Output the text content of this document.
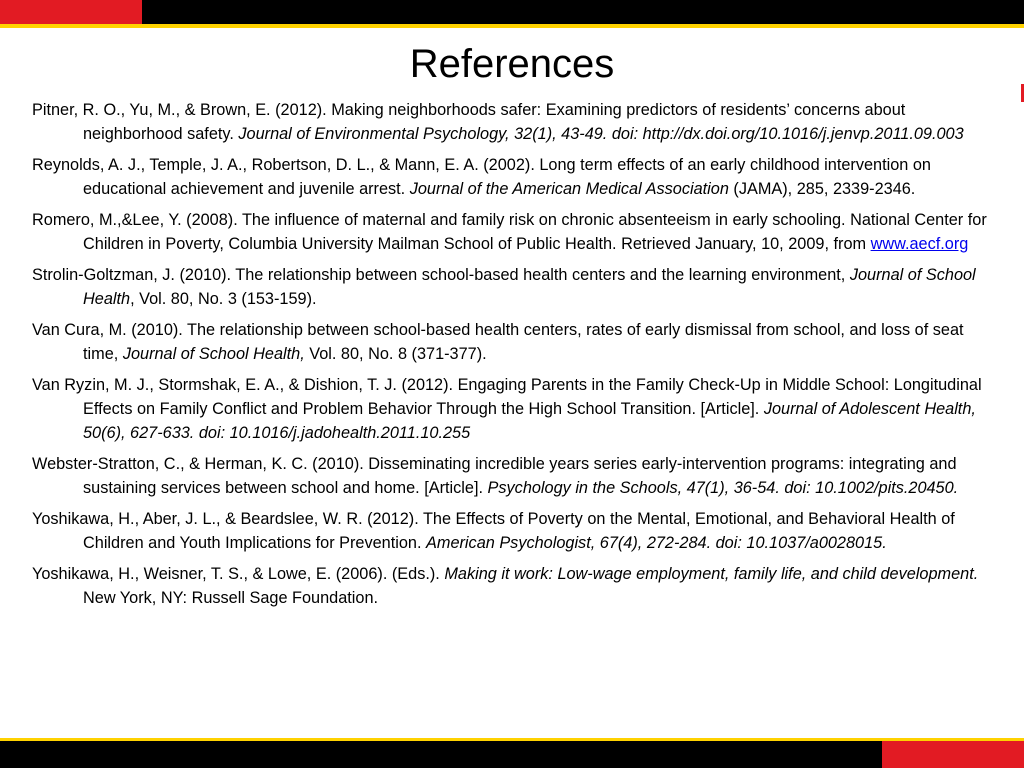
References

Pitner, R. O., Yu, M., & Brown, E. (2012). Making neighborhoods safer: Examining predictors of residents’ concerns about neighborhood safety. Journal of Environmental Psychology, 32(1), 43-49. doi: http://dx.doi.org/10.1016/j.jenvp.2011.09.003

Reynolds, A. J., Temple, J. A., Robertson, D. L., & Mann, E. A. (2002). Long term effects of an early childhood intervention on educational achievement and juvenile arrest. Journal of the American Medical Association (JAMA), 285, 2339-2346.

Romero, M.,&Lee, Y. (2008). The influence of maternal and family risk on chronic absenteeism in early schooling. National Center for Children in Poverty, Columbia University Mailman School of Public Health. Retrieved January, 10, 2009, from www.aecf.org

Strolin-Goltzman, J. (2010). The relationship between school-based health centers and the learning environment, Journal of School Health, Vol. 80, No. 3 (153-159).

Van Cura, M. (2010). The relationship between school-based health centers, rates of early dismissal from school, and loss of seat time, Journal of School Health, Vol. 80, No. 8 (371-377).

Van Ryzin, M. J., Stormshak, E. A., & Dishion, T. J. (2012). Engaging Parents in the Family Check-Up in Middle School: Longitudinal Effects on Family Conflict and Problem Behavior Through the High School Transition. [Article]. Journal of Adolescent Health, 50(6), 627-633. doi: 10.1016/j.jadohealth.2011.10.255

Webster-Stratton, C., & Herman, K. C. (2010). Disseminating incredible years series early-intervention programs: integrating and sustaining services between school and home. [Article]. Psychology in the Schools, 47(1), 36-54. doi: 10.1002/pits.20450.

Yoshikawa, H., Aber, J. L., & Beardslee, W. R. (2012). The Effects of Poverty on the Mental, Emotional, and Behavioral Health of Children and Youth Implications for Prevention. American Psychologist, 67(4), 272-284. doi: 10.1037/a0028015.

Yoshikawa, H., Weisner, T. S., & Lowe, E. (2006). (Eds.). Making it work: Low-wage employment, family life, and child development. New York, NY: Russell Sage Foundation.
